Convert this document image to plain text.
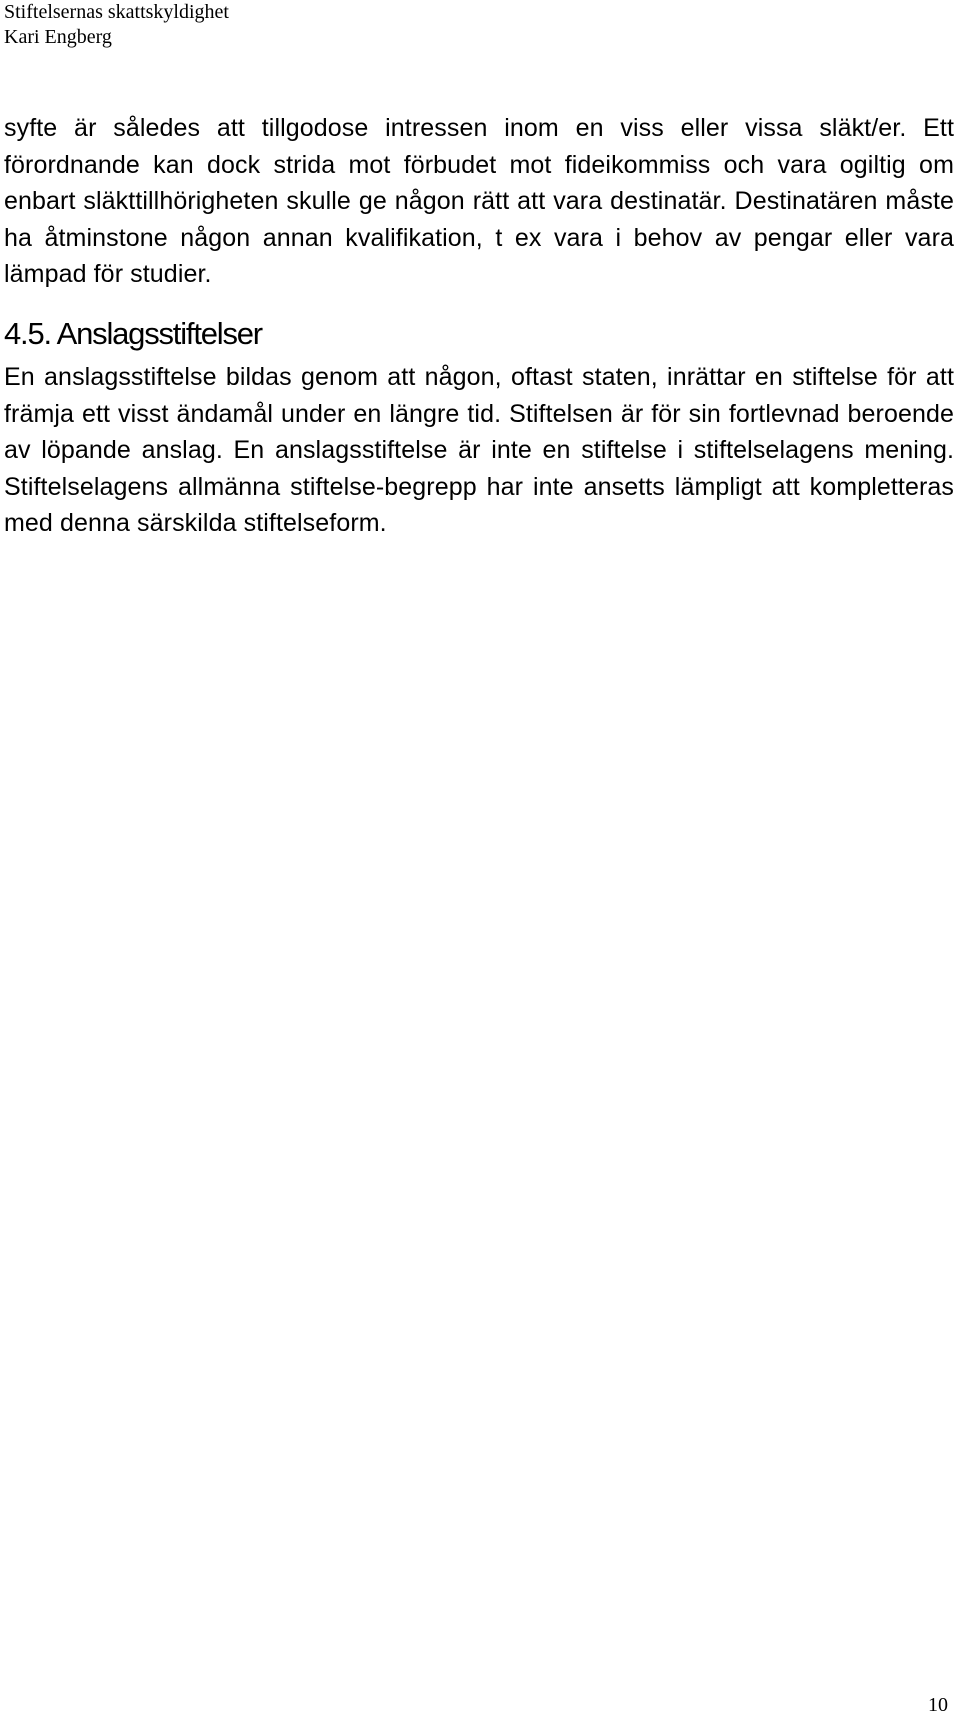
Stiftelsernas skattskyldighet
Kari Engberg

syfte är således att tillgodose intressen inom en viss eller vissa släkt/er. Ett förordnande kan dock strida mot förbudet mot fideikommiss och vara ogiltig om enbart släkttillhörigheten skulle ge någon rätt att vara destinatär. Destinatären måste ha åtminstone någon annan kvalifikation, t ex vara i behov av pengar eller vara lämpad för studier.

4.5. Anslagsstiftelser

En anslagsstiftelse bildas genom att någon, oftast staten, inrättar en stiftelse för att främja ett visst ändamål under en längre tid. Stiftelsen är för sin fortlevnad beroende av löpande anslag. En anslagsstiftelse är inte en stiftelse i stiftelselagens mening. Stiftelselagens allmänna stiftelse-begrepp har inte ansetts lämpligt att kompletteras med denna särskilda stiftelseform.

10
